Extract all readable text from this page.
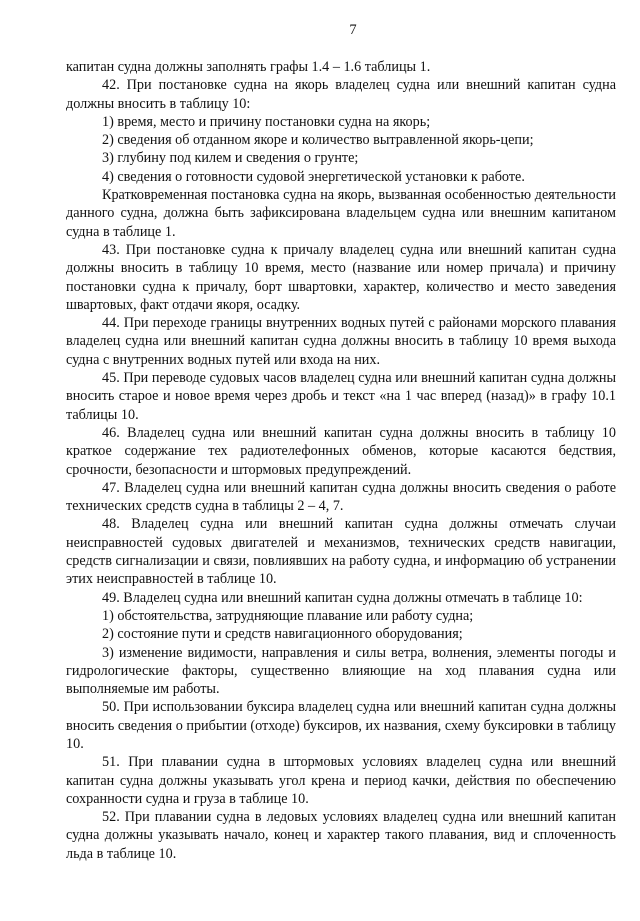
7

капитан судна должны заполнять графы 1.4 – 1.6 таблицы 1.

42. При постановке судна на якорь владелец судна или внешний капитан судна должны вносить в таблицу 10:

1) время, место и причину постановки судна на якорь;

2) сведения об отданном якоре и количество вытравленной якорь-цепи;

3) глубину под килем и сведения о грунте;

4) сведения о готовности судовой энергетической установки к работе.

Кратковременная постановка судна на якорь, вызванная особенностью деятельности данного судна, должна быть зафиксирована владельцем судна или внешним капитаном судна в таблице 1.

43. При постановке судна к причалу владелец судна или внешний капитан судна должны вносить в таблицу 10 время, место (название или номер причала) и причину постановки судна к причалу, борт швартовки, характер, количество и место заведения швартовых, факт отдачи якоря, осадку.

44. При переходе границы внутренних водных путей с районами морского плавания владелец судна или внешний капитан судна должны вносить в таблицу 10 время выхода судна с внутренних водных путей или входа на них.

45. При переводе судовых часов владелец судна или внешний капитан судна должны вносить старое и новое время через дробь и текст «на 1 час вперед (назад)» в графу 10.1 таблицы 10.

46. Владелец судна или внешний капитан судна должны вносить в таблицу 10 краткое содержание тех радиотелефонных обменов, которые касаются бедствия, срочности, безопасности и штормовых предупреждений.

47. Владелец судна или внешний капитан судна должны вносить сведения о работе технических средств судна в таблицы 2 – 4, 7.

48. Владелец судна или внешний капитан судна должны отмечать случаи неисправностей судовых двигателей и механизмов, технических средств навигации, средств сигнализации и связи, повлиявших на работу судна, и информацию об устранении этих неисправностей в таблице 10.

49. Владелец судна или внешний капитан судна должны отмечать в таблице 10:

1) обстоятельства, затрудняющие плавание или работу судна;

2) состояние пути и средств навигационного оборудования;

3) изменение видимости, направления и силы ветра, волнения, элементы погоды и гидрологические факторы, существенно влияющие на ход плавания судна или выполняемые им работы.

50. При использовании буксира владелец судна или внешний капитан судна должны вносить сведения о прибытии (отходе) буксиров, их названия, схему буксировки в таблицу 10.

51. При плавании судна в штормовых условиях владелец судна или внешний капитан судна должны указывать угол крена и период качки, действия по обеспечению сохранности судна и груза в таблице 10.

52. При плавании судна в ледовых условиях владелец судна или внешний капитан судна должны указывать начало, конец и характер такого плавания, вид и сплоченность льда в таблице 10.
